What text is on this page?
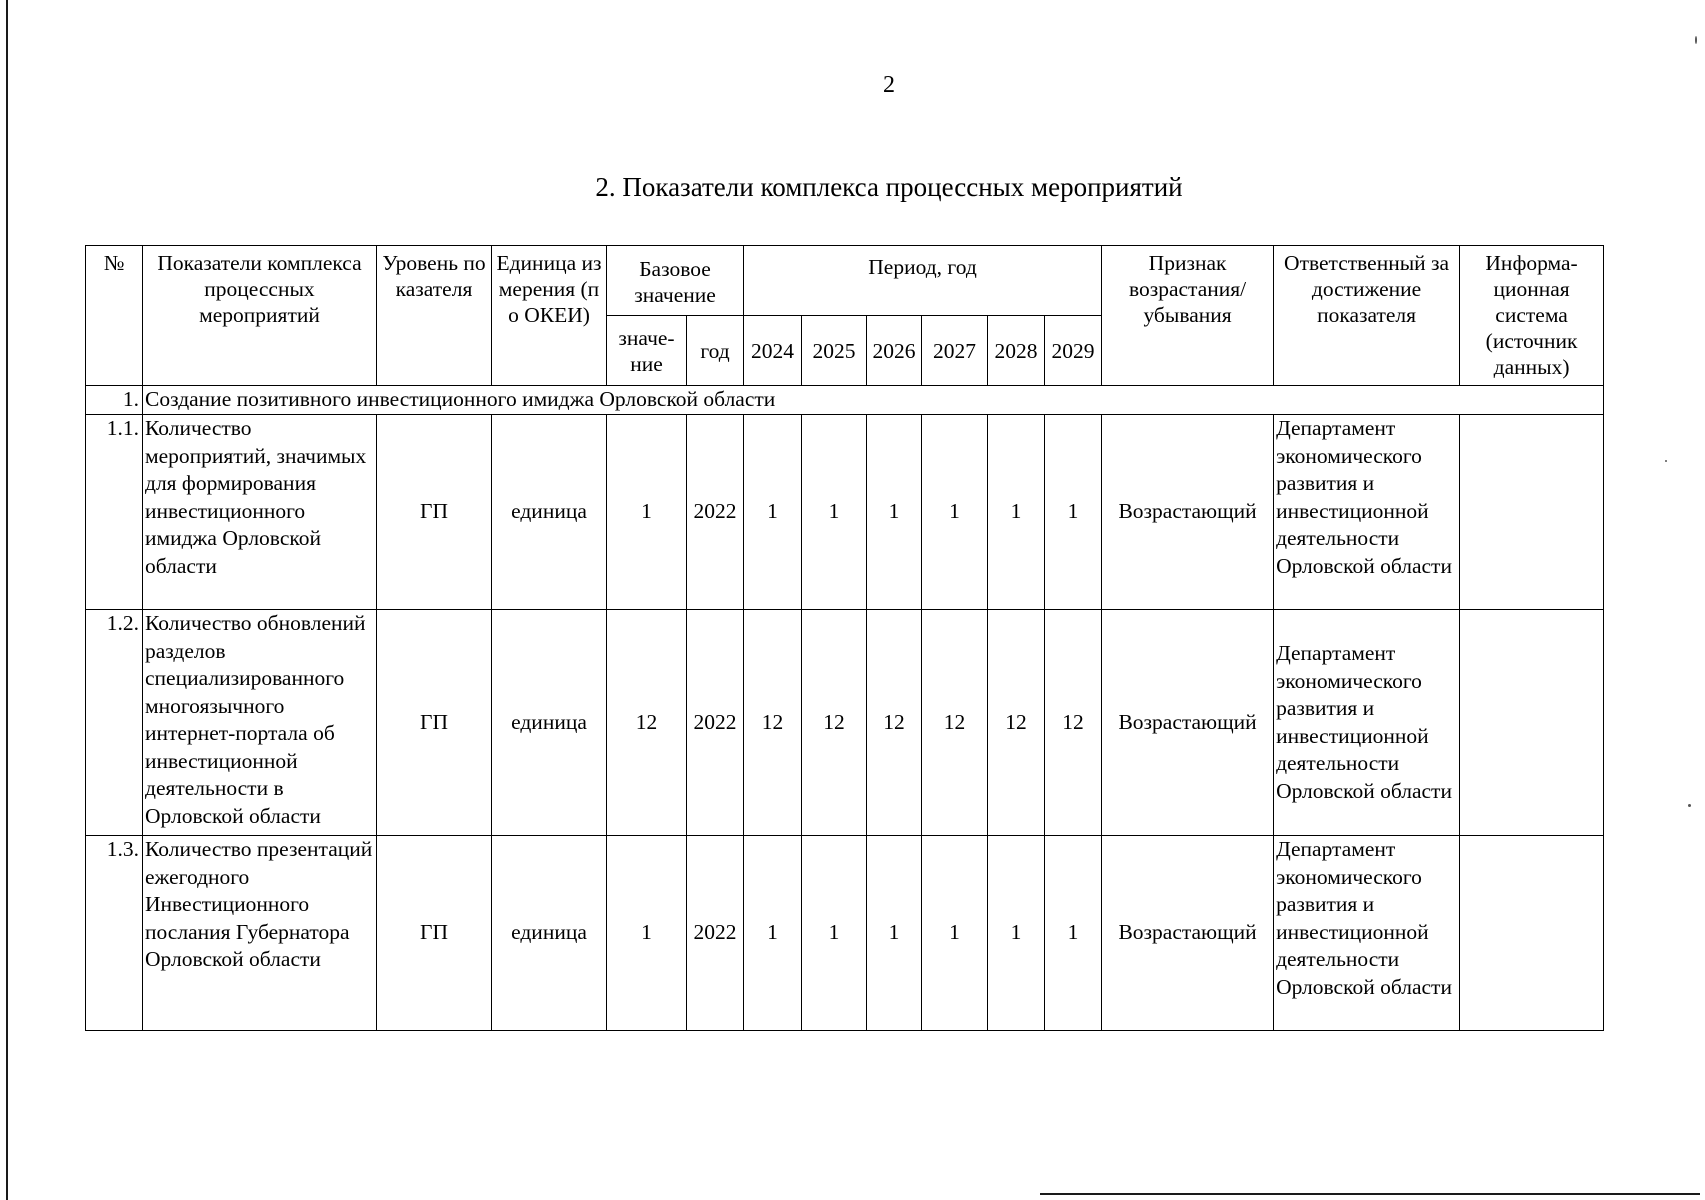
2
2. Показатели комплекса процессных мероприятий
№	Показатели комплекса процессных мероприятий	Уровень показателя	Единица измерения (по ОКЕИ)	Базовое значение		Период, год						Признак возрастания/ убывания	Ответственный за достижение показателя	Информа-ционная система (источник данных)
				значе-ние	год	2024	2025	2026	2027	2028	2029			
1.	Создание позитивного инвестиционного имиджа Орловской области													
1.1.	Количество мероприятий, значимых для формирования инвестиционного имиджа Орловской области	ГП	единица	1	2022	1	1	1	1	1	1	Возрастающий	Департамент экономического развития и инвестиционной деятельности Орловской области	
1.2.	Количество обновлений разделов специализированного многоязычного интернет-портала об инвестиционной деятельности в Орловской области	ГП	единица	12	2022	12	12	12	12	12	12	Возрастающий	Департамент экономического развития и инвестиционной деятельности Орловской области	
1.3.	Количество презентаций ежегодного Инвестиционного послания Губернатора Орловской области	ГП	единица	1	2022	1	1	1	1	1	1	Возрастающий	Департамент экономического развития и инвестиционной деятельности Орловской области	
